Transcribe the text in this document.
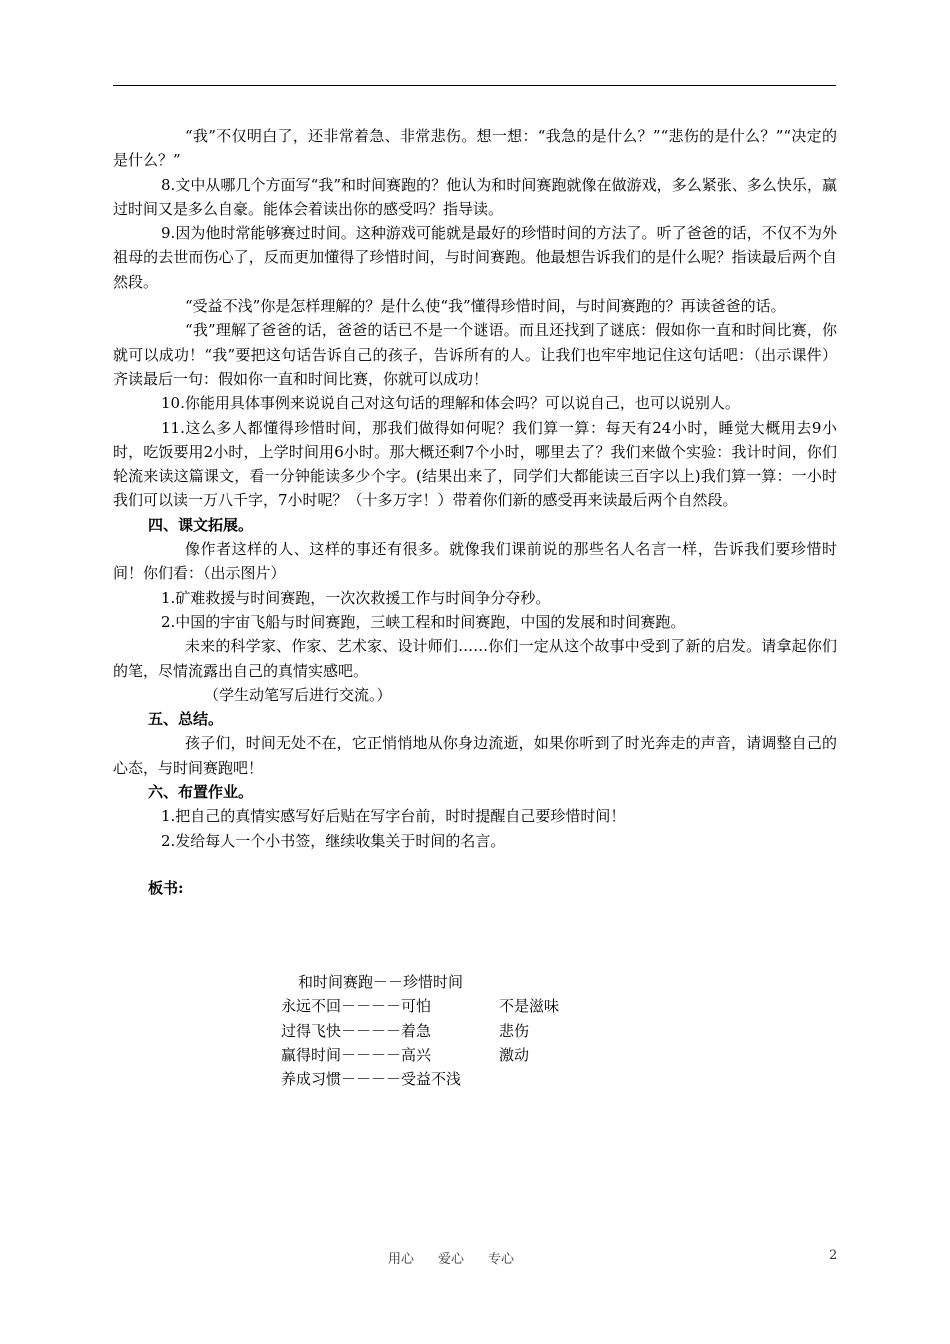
“我”不仅明白了，还非常着急、非常悲伤。想一想：“我急的是什么？”“悲伤的是什么？”“决定的是什么？”

8.文中从哪几个方面写“我”和时间赛跑的？他认为和时间赛跑就像在做游戏，多么紧张、多么快乐，赢过时间又是多么自豪。能体会着读出你的感受吗？指导读。

9.因为他时常能够赛过时间。这种游戏可能就是最好的珍惜时间的方法了。听了爸爸的话，不仅不为外祖母的去世而伤心了，反而更加懂得了珍惜时间，与时间赛跑。他最想告诉我们的是什么呢？指读最后两个自然段。

“受益不浅”你是怎样理解的？是什么使“我”懂得珍惜时间，与时间赛跑的？再读爸爸的话。

“我”理解了爸爸的话，爸爸的话已不是一个谜语。而且还找到了谜底：假如你一直和时间比赛，你就可以成功！“我”要把这句话告诉自己的孩子，告诉所有的人。让我们也牢牢地记住这句话吧：（出示课件）齐读最后一句：假如你一直和时间比赛，你就可以成功！

10.你能用具体事例来说说自己对这句话的理解和体会吗？可以说自己，也可以说别人。

11.这么多人都懂得珍惜时间，那我们做得如何呢？我们算一算：每天有24小时，睡觉大概用去9小时，吃饭要用2小时，上学时间用6小时。那大概还剩7个小时，哪里去了？我们来做个实验：我计时间，你们轮流来读这篇课文，看一分钟能读多少个字。(结果出来了，同学们大都能读三百字以上)我们算一算：一小时我们可以读一万八千字，7小时呢？（十多万字！）带着你们新的感受再来读最后两个自然段。

四、课文拓展。

像作者这样的人、这样的事还有很多。就像我们课前说的那些名人名言一样，告诉我们要珍惜时间！你们看：（出示图片）

1.矿难救援与时间赛跑，一次次救援工作与时间争分夺秒。

2.中国的宇宙飞船与时间赛跑，三峡工程和时间赛跑，中国的发展和时间赛跑。

未来的科学家、作家、艺术家、设计师们……你们一定从这个故事中受到了新的启发。请拿起你们的笔，尽情流露出自己的真情实感吧。

（学生动笔写后进行交流。）

五、总结。

孩子们，时间无处不在，它正悄悄地从你身边流逝，如果你听到了时光奔走的声音，请调整自己的心态，与时间赛跑吧！

六、布置作业。

1.把自己的真情实感写好后贴在写字台前，时时提醒自己要珍惜时间！

2.发给每人一个小书签，继续收集关于时间的名言。

板书:

和时间赛跑－－珍惜时间
永远不回－－－－可怕	不是滋味
过得飞快－－－－着急	悲伤
赢得时间－－－－高兴	激动
养成习惯－－－－受益不浅
用心 爱心 专心	2
